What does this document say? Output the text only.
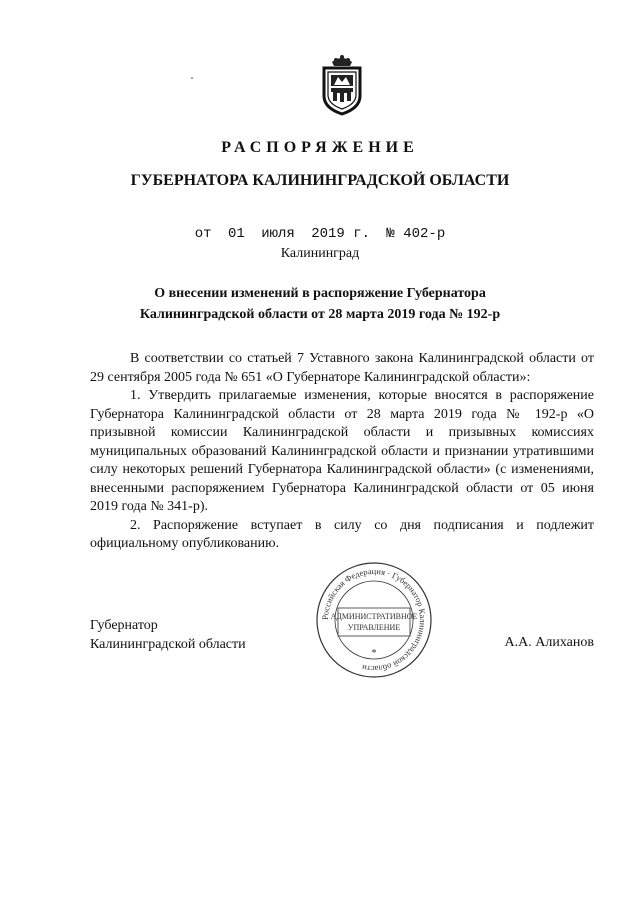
РАСПОРЯЖЕНИЕ
ГУБЕРНАТОРА КАЛИНИНГРАДСКОЙ ОБЛАСТИ
от 01 июля 2019 г. № 402-р
Калининград
О внесении изменений в распоряжение Губернатора
Калининградской области от 28 марта 2019 года № 192-р

В соответствии со статьей 7 Уставного закона Калининградской области от 29 сентября 2005 года № 651 «О Губернаторе Калининградской области»:

1. Утвердить прилагаемые изменения, которые вносятся в распоряжение Губернатора Калининградской области от 28 марта 2019 года № 192-р «О призывной комиссии Калининградской области и призывных комиссиях муниципальных образований Калининградской области и признании утратившими силу некоторых решений Губернатора Калининградской области» (с изменениями, внесенными распоряжением Губернатора Калининградской области от 05 июня 2019 года № 341-р).

2. Распоряжение вступает в силу со дня подписания и подлежит официальному опубликованию.

Российская Федерация · Губернатор Калининградской области
АДМИНИСТРАТИВНОЕ
УПРАВЛЕНИЕ
*
Губернатор
Калининградской области	А.А. Алиханов
